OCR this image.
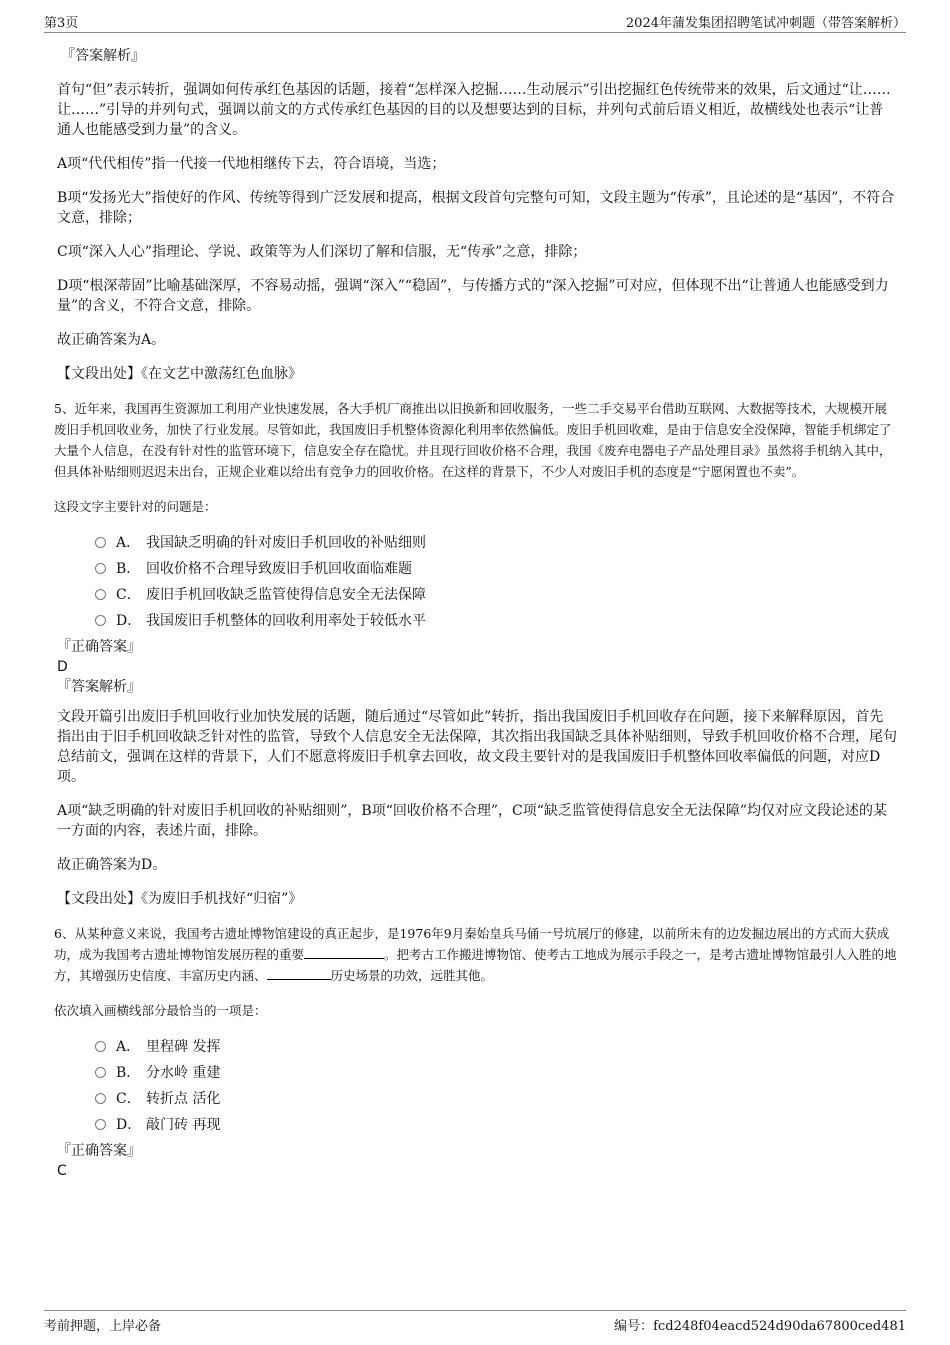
第3页	2024年蒲发集团招聘笔试冲刺题（带答案解析）
『答案解析』

首句“但”表示转折，强调如何传承红色基因的话题，接着“怎样深入挖掘……生动展示”引出挖掘红色传统带来的效果，后文通过“让……让……”引导的并列句式，强调以前文的方式传承红色基因的目的以及想要达到的目标，并列句式前后语义相近，故横线处也表示“让普通人也能感受到力量”的含义。

A项“代代相传”指一代接一代地相继传下去，符合语境，当选；

B项“发扬光大”指使好的作风、传统等得到广泛发展和提高，根据文段首句完整句可知，文段主题为“传承”，且论述的是“基因”，不符合文意，排除；

C项“深入人心”指理论、学说、政策等为人们深切了解和信服，无“传承”之意，排除；

D项“根深蒂固”比喻基础深厚，不容易动摇，强调“深入”“稳固”，与传播方式的“深入挖掘”可对应，但体现不出“让普通人也能感受到力量”的含义，不符合文意，排除。

故正确答案为A。

【文段出处】《在文艺中激荡红色血脉》

5、近年来，我国再生资源加工利用产业快速发展，各大手机厂商推出以旧换新和回收服务，一些二手交易平台借助互联网、大数据等技术，大规模开展废旧手机回收业务，加快了行业发展。尽管如此，我国废旧手机整体资源化利用率依然偏低。废旧手机回收难，是由于信息安全没保障，智能手机绑定了大量个人信息，在没有针对性的监管环境下，信息安全存在隐忧。并且现行回收价格不合理，我国《废弃电器电子产品处理目录》虽然将手机纳入其中，但具体补贴细则迟迟未出台，正规企业难以给出有竞争力的回收价格。在这样的背景下，不少人对废旧手机的态度是“宁愿闲置也不卖”。

这段文字主要针对的问题是：

A． 我国缺乏明确的针对废旧手机回收的补贴细则
B． 回收价格不合理导致废旧手机回收面临难题
C． 废旧手机回收缺乏监管使得信息安全无法保障
D． 我国废旧手机整体的回收利用率处于较低水平
『正确答案』
D
『答案解析』

文段开篇引出废旧手机回收行业加快发展的话题，随后通过“尽管如此”转折，指出我国废旧手机回收存在问题，接下来解释原因，首先指出由于旧手机回收缺乏针对性的监管，导致个人信息安全无法保障，其次指出我国缺乏具体补贴细则，导致手机回收价格不合理，尾句总结前文，强调在这样的背景下，人们不愿意将废旧手机拿去回收，故文段主要针对的是我国废旧手机整体回收率偏低的问题，对应D项。

A项“缺乏明确的针对废旧手机回收的补贴细则”，B项“回收价格不合理”，C项“缺乏监管使得信息安全无法保障”均仅对应文段论述的某一方面的内容，表述片面，排除。

故正确答案为D。

【文段出处】《为废旧手机找好“归宿”》

6、从某种意义来说，我国考古遗址博物馆建设的真正起步，是1976年9月秦始皇兵马俑一号坑展厅的修建，以前所未有的边发掘边展出的方式而大获成功，成为我国考古遗址博物馆发展历程的重要	。把考古工作搬进博物馆、使考古工地成为展示手段之一，是考古遗址博物馆最引人入胜的地方，其增强历史信度、丰富历史内涵、	历史场景的功效，远胜其他。

依次填入画横线部分最恰当的一项是：

A． 里程碑 发挥
B． 分水岭 重建
C． 转折点 活化
D． 敲门砖 再现
『正确答案』
C
考前押题，上岸必备	编号：fcd248f04eacd524d90da67800ced481
